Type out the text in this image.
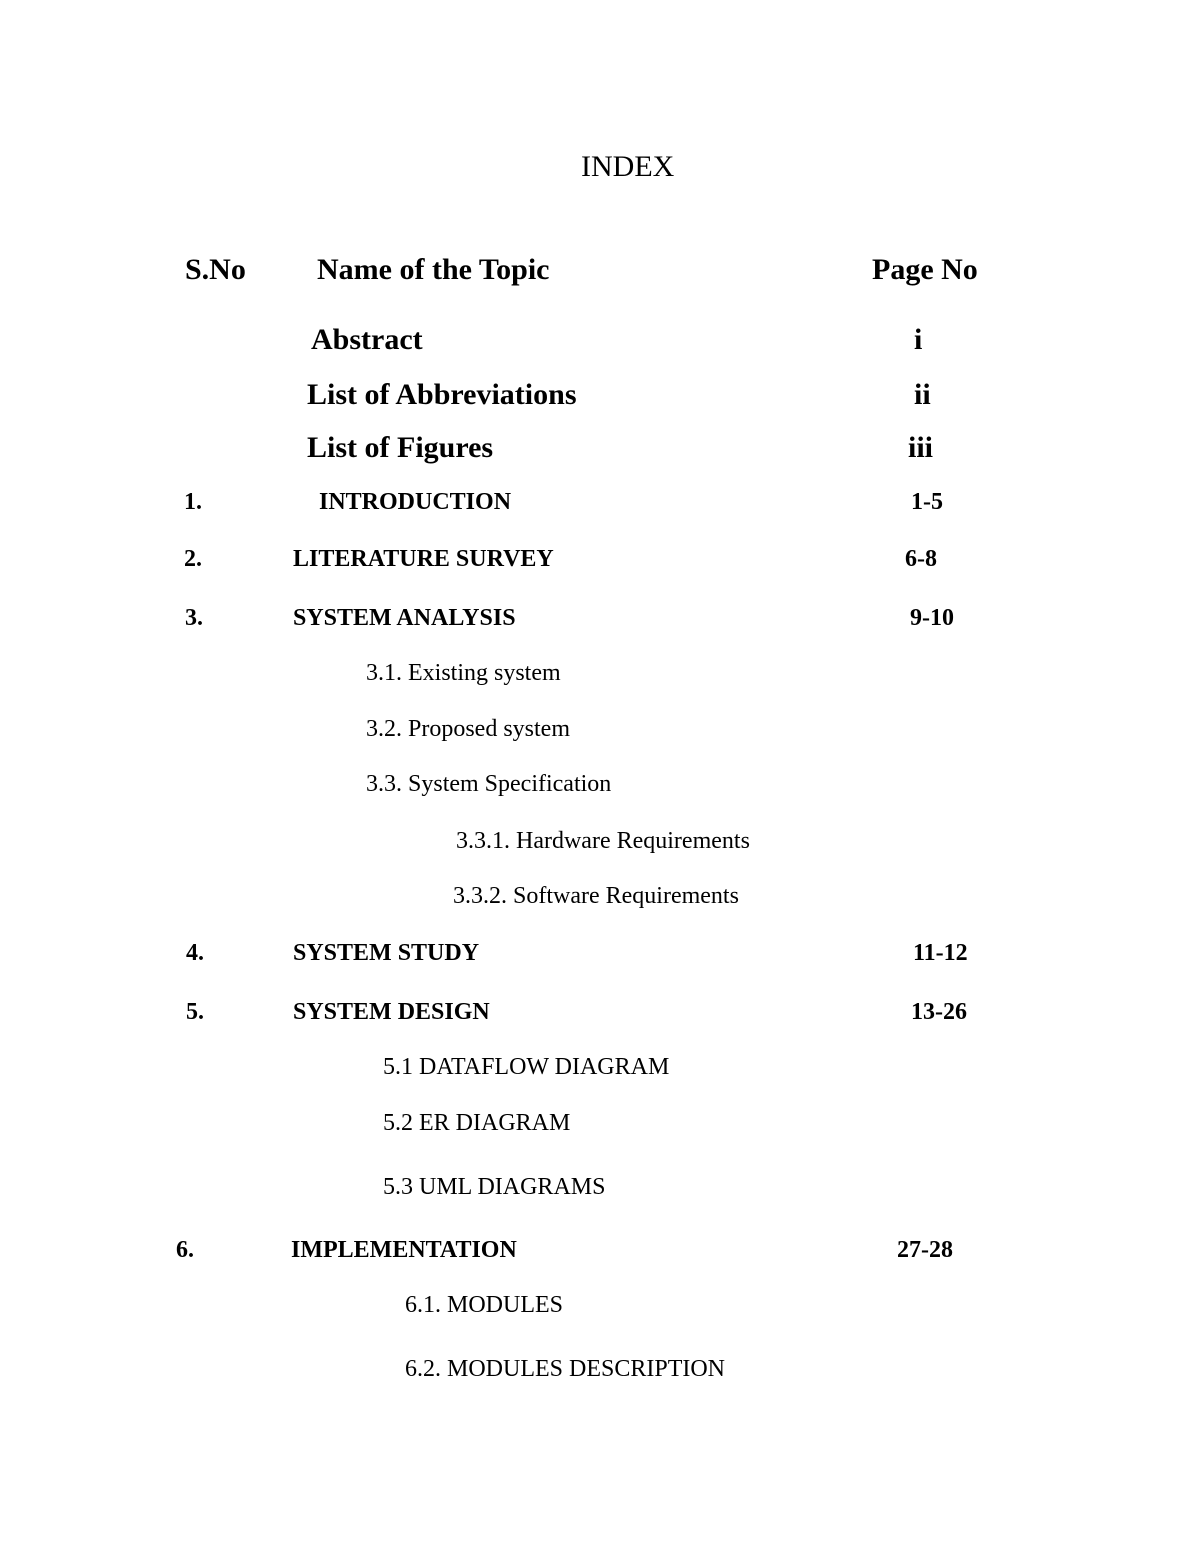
INDEX
S.No Name of the Topic	Page No
Abstract	i
List of Abbreviations	ii
List of Figures	iii
1.	INTRODUCTION	1-5
2.	LITERATURE SURVEY	6-8
3.	SYSTEM ANALYSIS	9-10
3.1. Existing system
3.2. Proposed system
3.3. System Specification
3.3.1. Hardware Requirements
3.3.2. Software Requirements
4.	SYSTEM STUDY	11-12
5.	SYSTEM DESIGN	13-26
5.1 DATAFLOW DIAGRAM
5.2 ER DIAGRAM
5.3 UML DIAGRAMS
6.	IMPLEMENTATION	27-28
6.1. MODULES
6.2. MODULES DESCRIPTION
